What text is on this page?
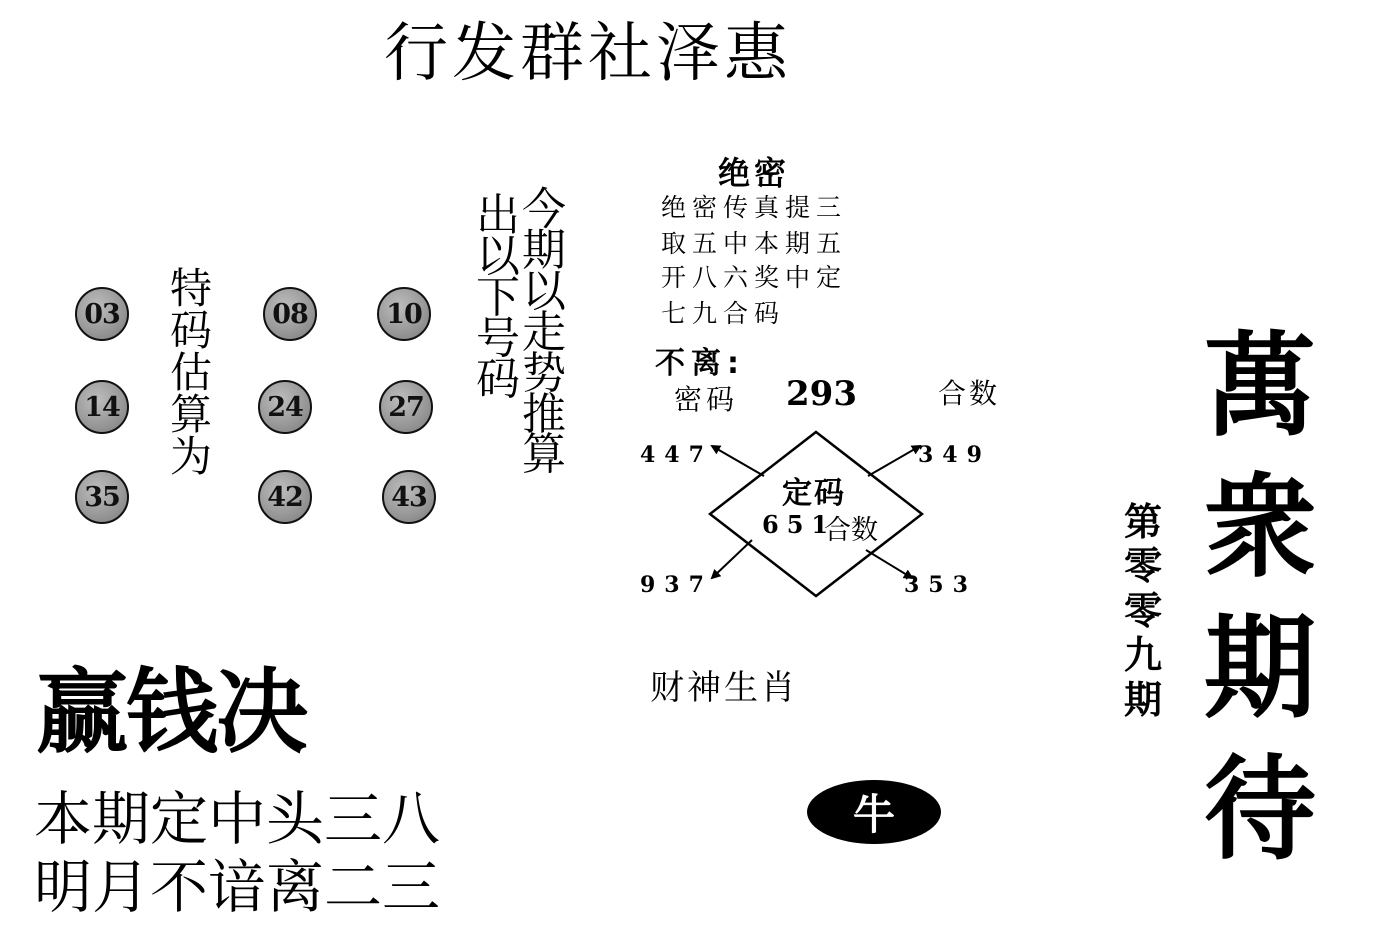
行发群社泽惠
03	08	10
14	24	27
35	42	43
特
码
估
算
为
今
期
以
走
势
推
算
出
以
下
号
码
绝密
绝密传真提三
取五中本期五
开八六奖中定
七九合码
不离:
密码 293	合数
定码
651
合数
447	349
937	353
财神生肖
牛
赢钱决
本期定中头三八
明月不谙离二三
第
零
零
九
期
萬
衆
期
待
